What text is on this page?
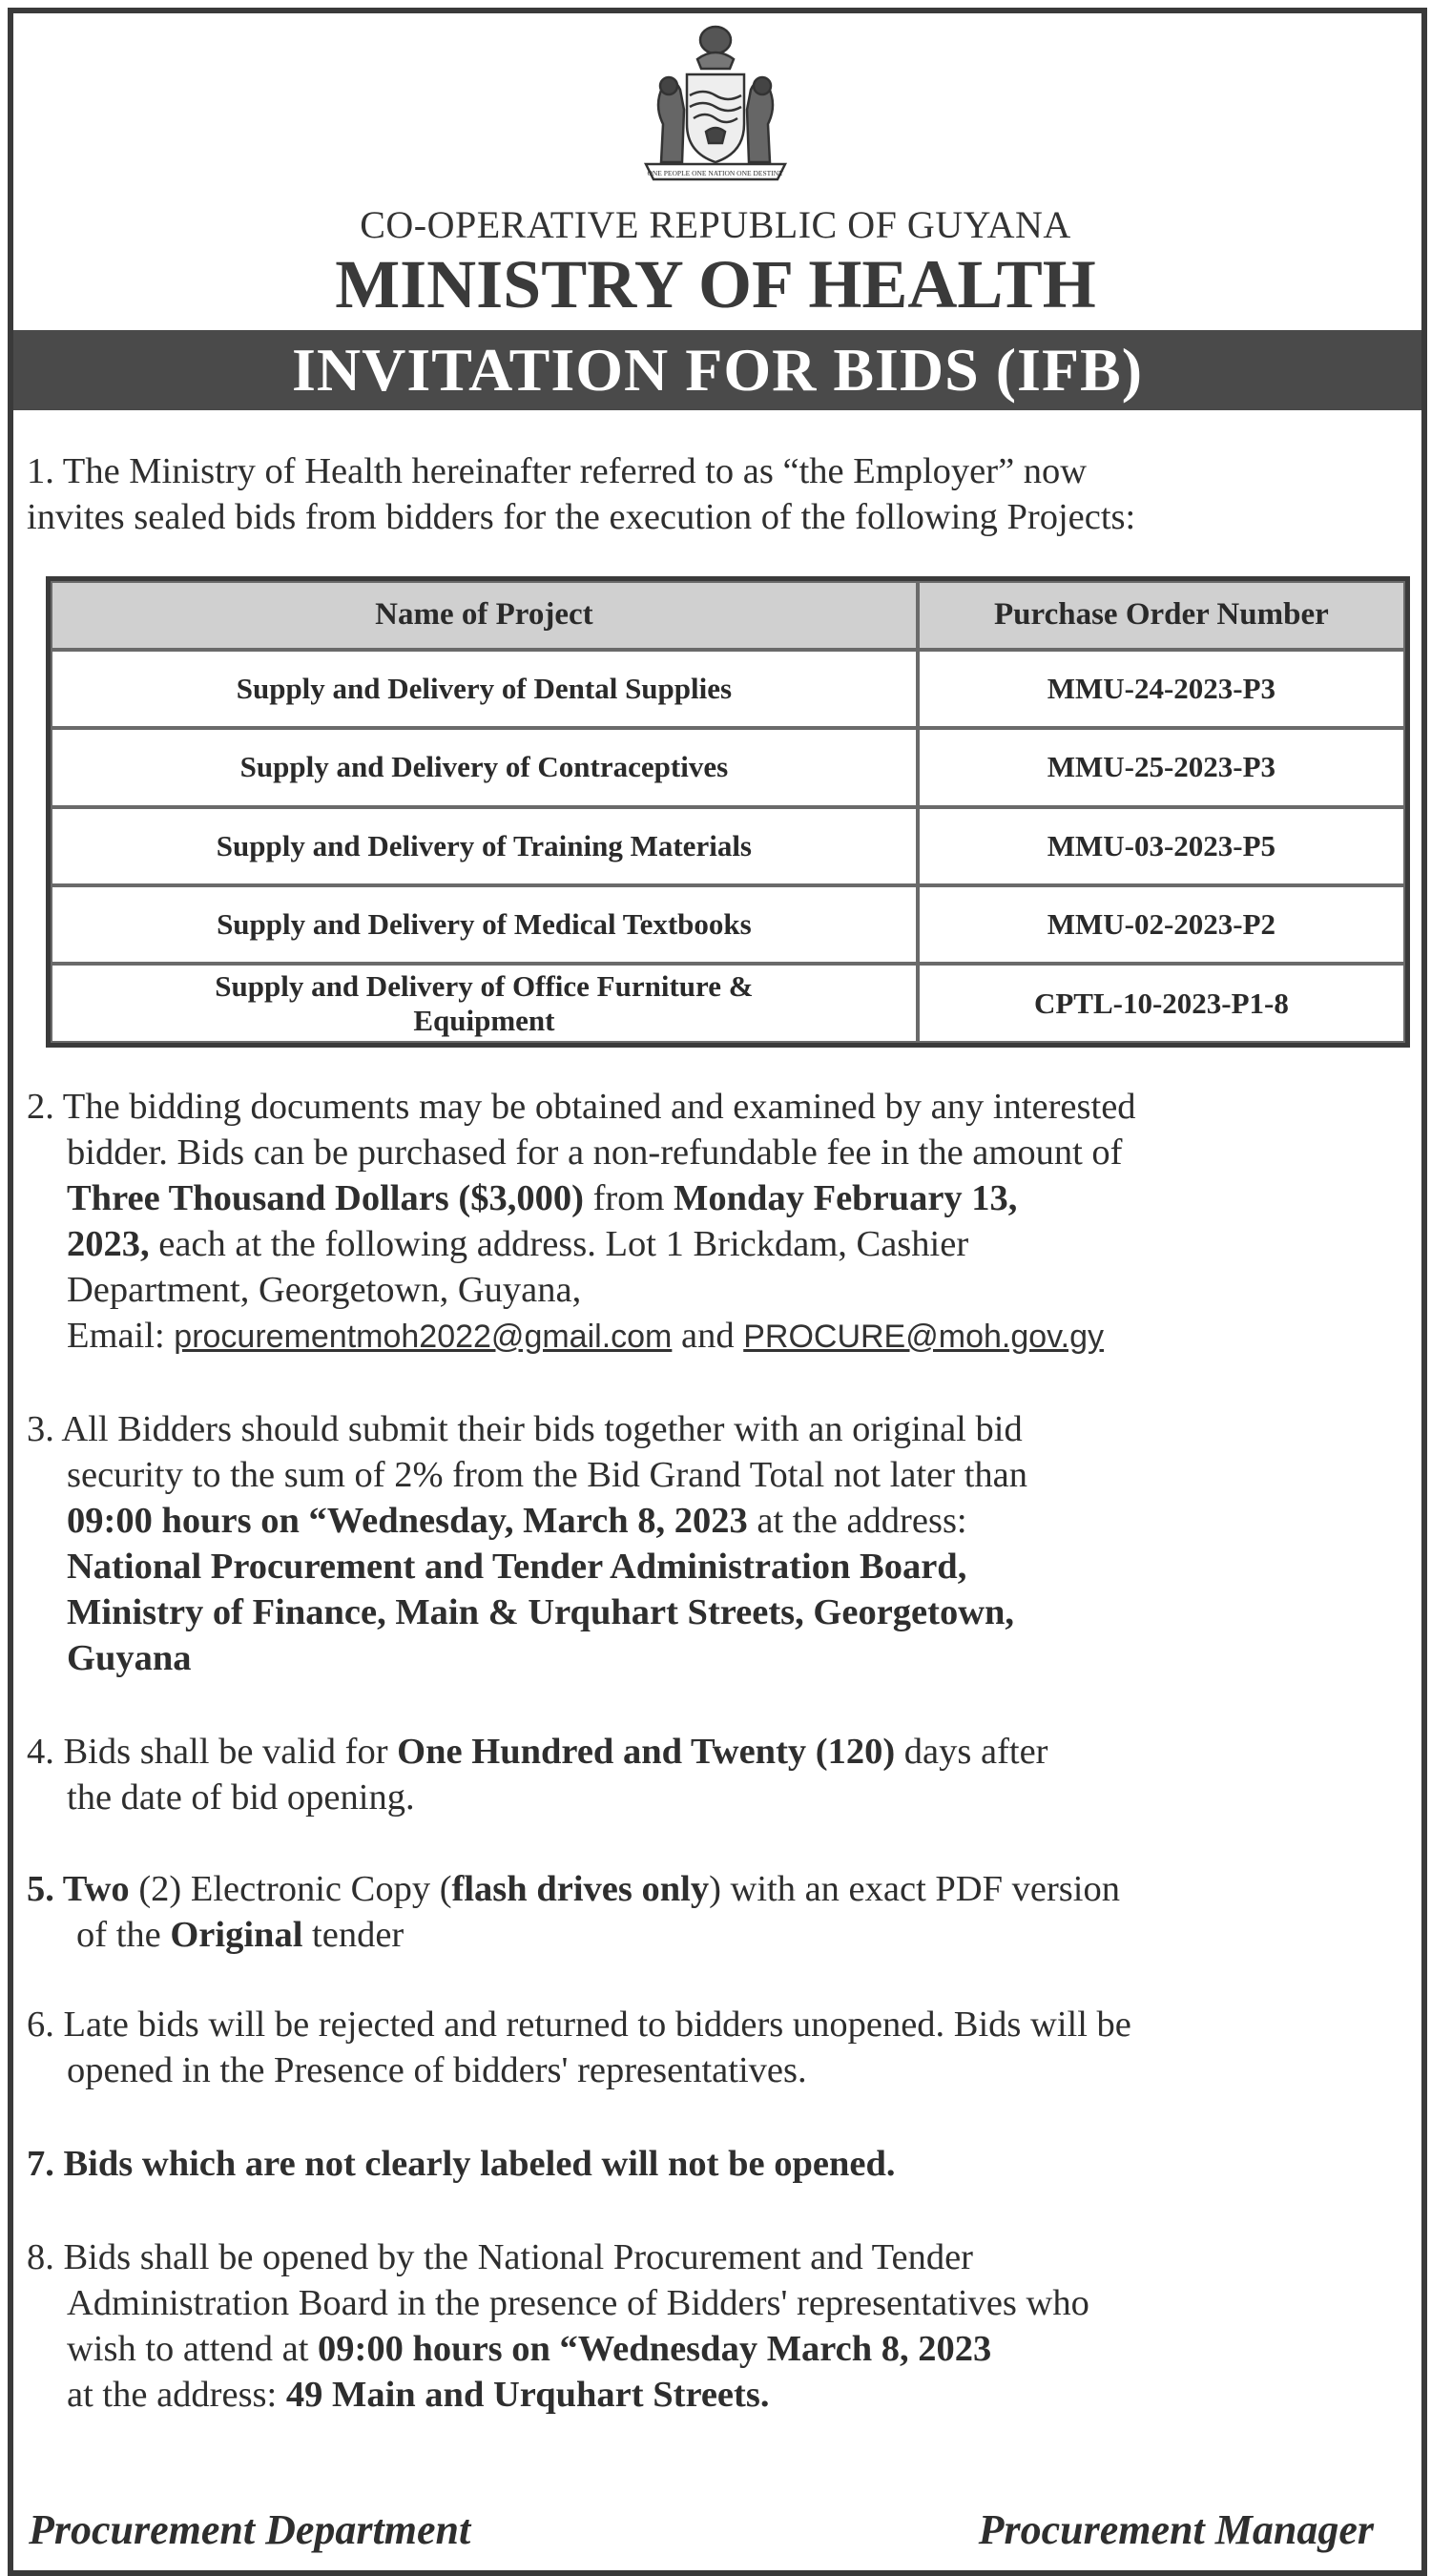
ONE PEOPLE ONE NATION ONE DESTINY
CO-OPERATIVE REPUBLIC OF GUYANA
MINISTRY OF HEALTH
INVITATION FOR BIDS (IFB)

1. The Ministry of Health hereinafter referred to as “the Employer” now

invites sealed bids from bidders for the execution of the following Projects:

Name of Project	Purchase Order Number
Supply and Delivery of Dental Supplies	MMU-24-2023-P3
Supply and Delivery of Contraceptives	MMU-25-2023-P3
Supply and Delivery of Training Materials	MMU-03-2023-P5
Supply and Delivery of Medical Textbooks	MMU-02-2023-P2
Supply and Delivery of Office Furniture & Equipment	CPTL-10-2023-P1-8

2. The bidding documents may be obtained and examined by any interested

bidder. Bids can be purchased for a non-refundable fee in the amount of

Three Thousand Dollars ($3,000) from Monday February 13,

2023, each at the following address. Lot 1 Brickdam, Cashier

Department, Georgetown, Guyana,

Email: procurementmoh2022@gmail.com and PROCURE@moh.gov.gy

3. All Bidders should submit their bids together with an original bid

security to the sum of 2% from the Bid Grand Total not later than

09:00 hours on “Wednesday, March 8, 2023 at the address:

National Procurement and Tender Administration Board,

Ministry of Finance, Main & Urquhart Streets, Georgetown,

Guyana

4. Bids shall be valid for One Hundred and Twenty (120) days after

the date of bid opening.

5. Two (2) Electronic Copy (flash drives only) with an exact PDF version

of the Original tender

6. Late bids will be rejected and returned to bidders unopened. Bids will be

opened in the Presence of bidders' representatives.

7. Bids which are not clearly labeled will not be opened.

8. Bids shall be opened by the National Procurement and Tender

Administration Board in the presence of Bidders' representatives who

wish to attend at 09:00 hours on “Wednesday March 8, 2023

at the address: 49 Main and Urquhart Streets.

Procurement Department	Procurement Manager
